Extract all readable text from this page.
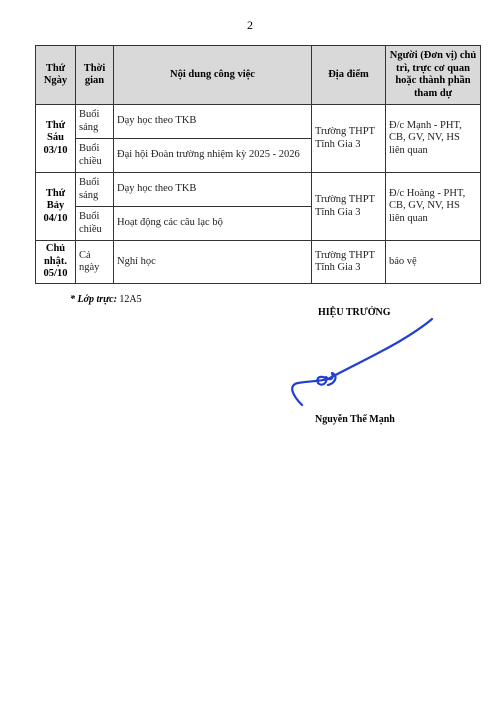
2
Thứ Ngày	Thời gian	Nội dung công việc	Địa điểm	Người (Đơn vị) chủ trì, trực cơ quan hoặc thành phần tham dự

Thứ Sáu
03/10	Buổi sáng	Dạy học theo TKB	Trường THPT Tĩnh Gia 3	Đ/c Mạnh - PHT, CB, GV, NV, HS liên quan
	Buổi chiều	Đại hội Đoàn trường nhiệm kỳ 2025 - 2026		

Thứ Bảy
04/10	Buổi sáng	Dạy học theo TKB	Trường THPT Tĩnh Gia 3	Đ/c Hoàng - PHT, CB, GV, NV, HS liên quan
	Buổi chiều	Hoạt động các câu lạc bộ		

Chủ nhật.
05/10	Cả ngày	Nghỉ học	Trường THPT Tĩnh Gia 3	bảo vệ
* Lớp trực: 12A5
HIỆU TRƯỞNG
Nguyễn Thế Mạnh
